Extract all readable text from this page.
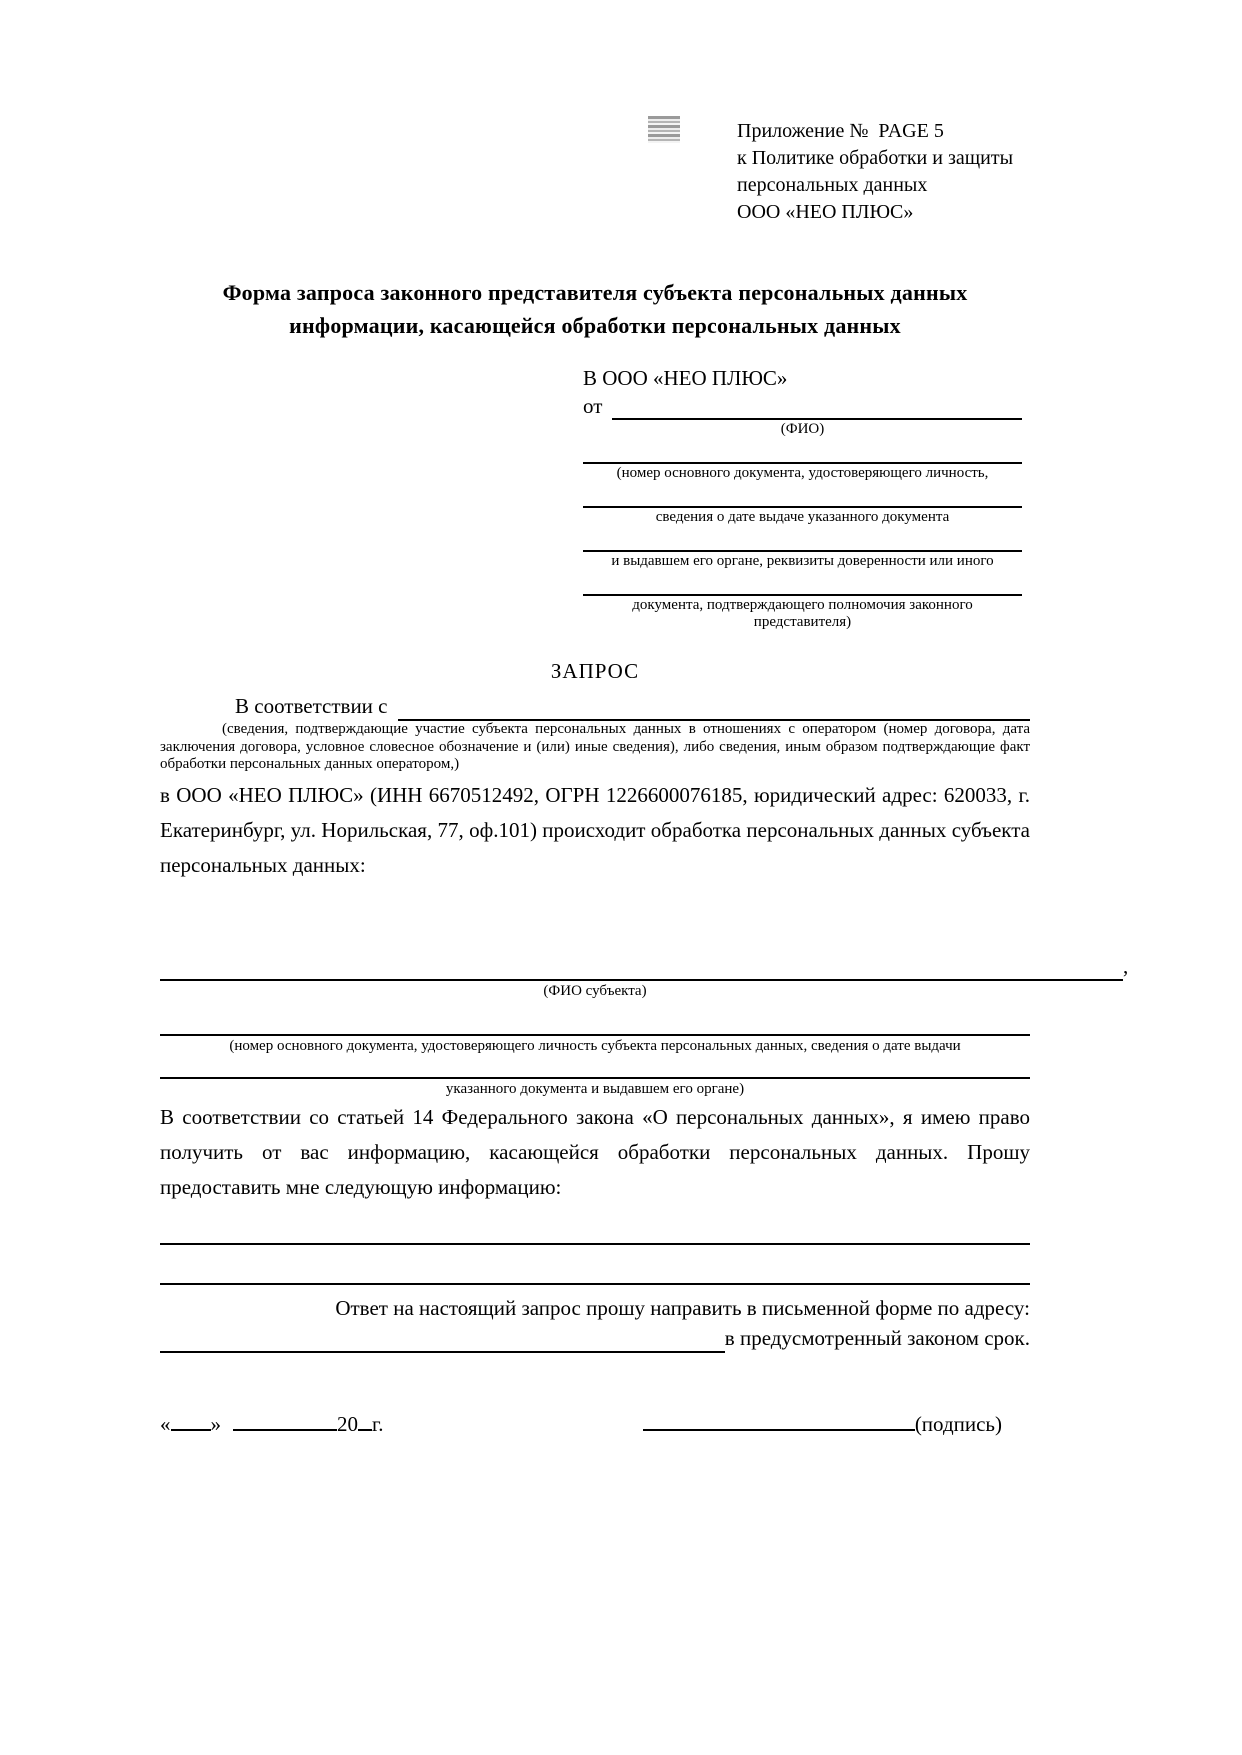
Приложение №  PAGE 5
к Политике обработки и защиты
персональных данных
ООО «НЕО ПЛЮС»
Форма запроса законного представителя субъекта персональных данных
информации, касающейся обработки персональных данных
В ООО «НЕО ПЛЮС»
от
(ФИО)
(номер основного документа, удостоверяющего личность,
сведения о дате выдаче указанного документа
и выдавшем его органе, реквизиты доверенности или иного
документа, подтверждающего полномочия законного представителя)
ЗАПРОС
В соответствии с
(сведения, подтверждающие участие субъекта персональных данных в отношениях с оператором (номер договора, дата заключения договора, условное словесное обозначение и (или) иные сведения), либо сведения, иным образом подтверждающие факт обработки персональных данных оператором,)
в ООО «НЕО ПЛЮС» (ИНН 6670512492, ОГРН 1226600076185, юридический адрес: 620033, г. Екатеринбург, ул. Норильская, 77, оф.101) происходит обработка персональных данных субъекта персональных данных:
,
(ФИО субъекта)
(номер основного документа, удостоверяющего личность субъекта персональных данных, сведения о дате выдачи
указанного документа и выдавшем его органе)
В соответствии со статьей 14 Федерального закона «О персональных данных», я имею право получить от вас информацию, касающейся обработки персональных данных. Прошу предоставить мне следующую информацию:
Ответ на настоящий запрос прошу направить в письменной форме по адресу:
в предусмотренный законом срок.
« »	20 г.	(подпись)
